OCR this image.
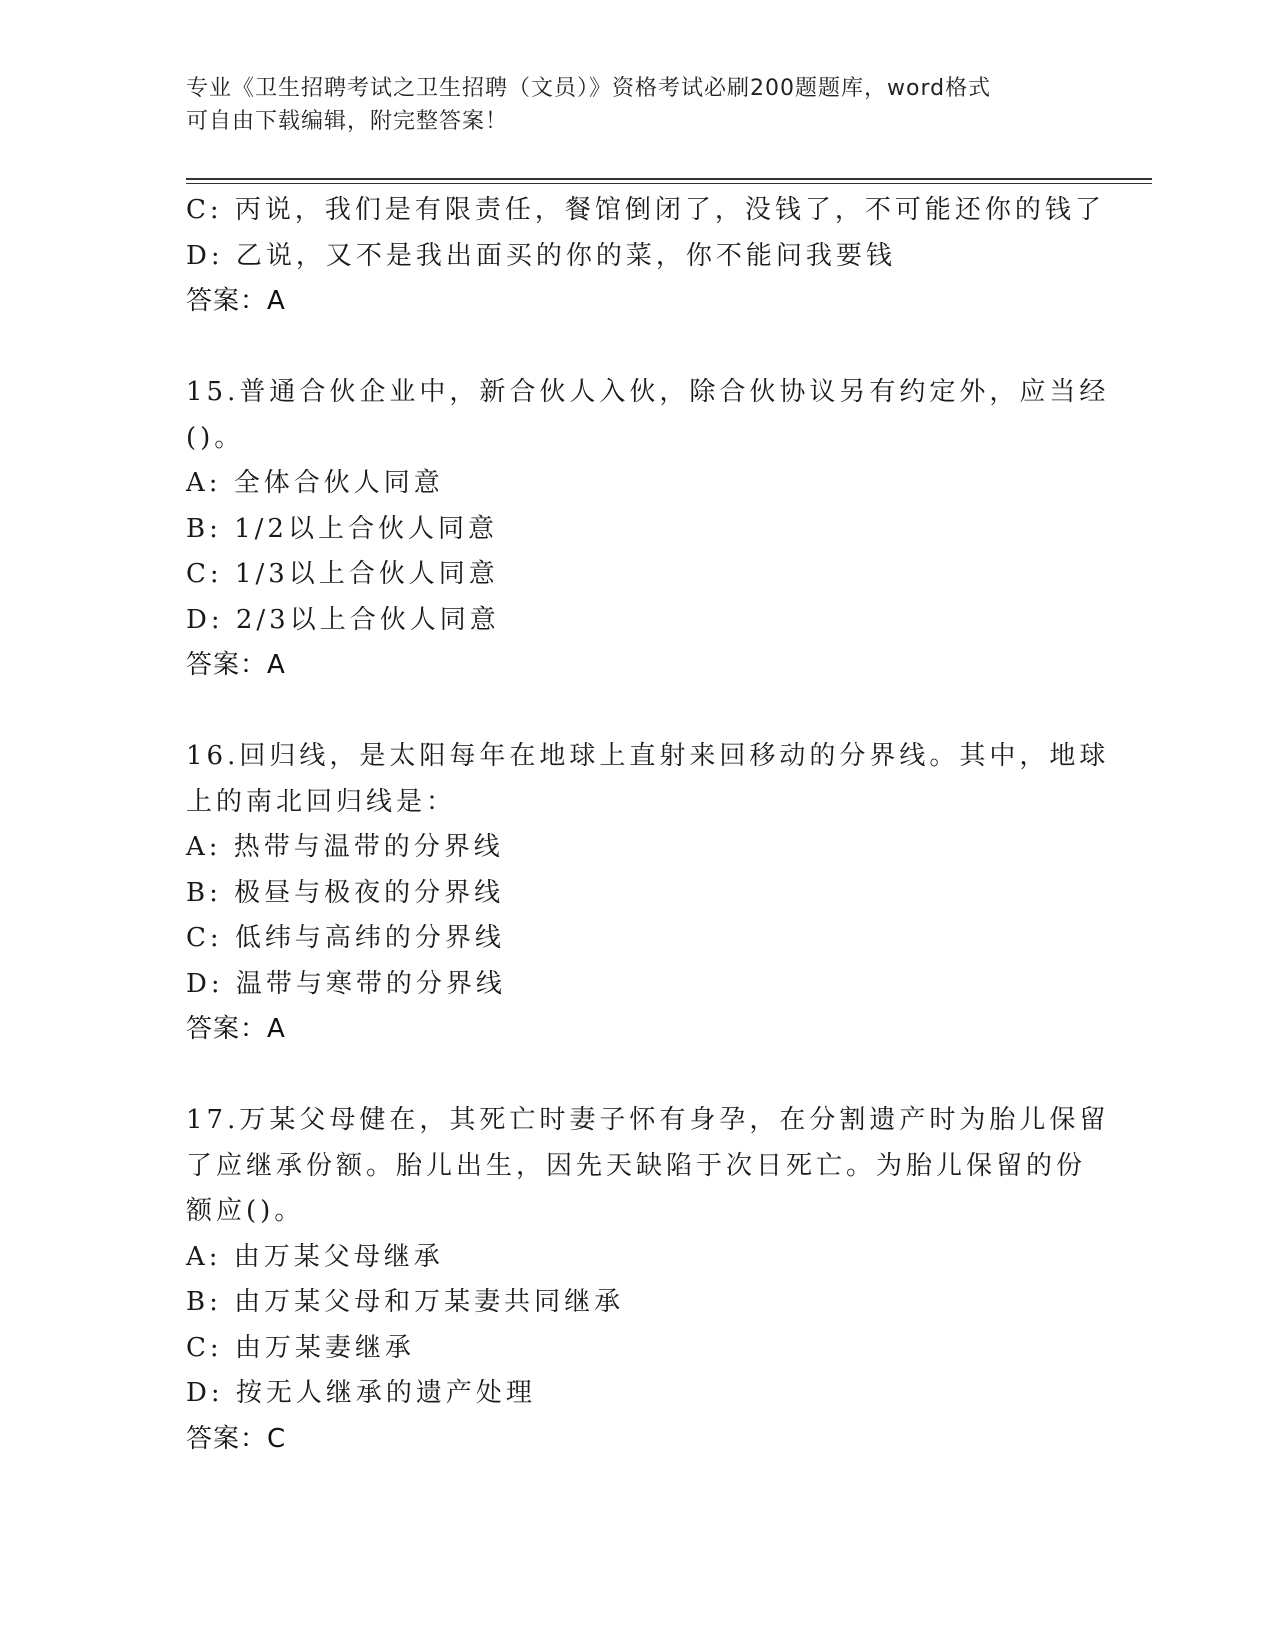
专业《卫生招聘考试之卫生招聘（文员）》资格考试必刷200题题库，word格式
可自由下载编辑，附完整答案！
C: 丙说，我们是有限责任，餐馆倒闭了，没钱了，不可能还你的钱了
D: 乙说，又不是我出面买的你的菜，你不能问我要钱
答案：A
15.普通合伙企业中，新合伙人入伙，除合伙协议另有约定外，应当经
()。
A: 全体合伙人同意
B: 1/2以上合伙人同意
C: 1/3以上合伙人同意
D: 2/3以上合伙人同意
答案：A
16.回归线，是太阳每年在地球上直射来回移动的分界线。其中，地球
上的南北回归线是：
A: 热带与温带的分界线
B: 极昼与极夜的分界线
C: 低纬与高纬的分界线
D: 温带与寒带的分界线
答案：A
17.万某父母健在，其死亡时妻子怀有身孕，在分割遗产时为胎儿保留
了应继承份额。胎儿出生，因先天缺陷于次日死亡。为胎儿保留的份
额应()。
A: 由万某父母继承
B: 由万某父母和万某妻共同继承
C: 由万某妻继承
D: 按无人继承的遗产处理
答案：C
